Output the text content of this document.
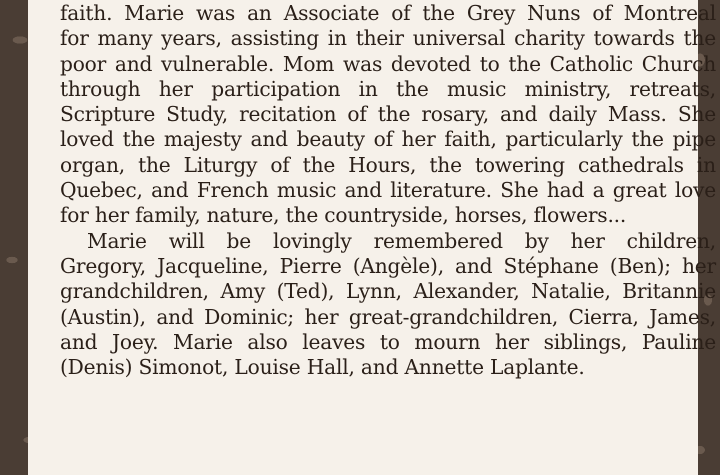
faith. Marie was an Associate of the Grey Nuns of Montreal
for many years, assisting in their universal charity towards the
poor and vulnerable. Mom was devoted to the Catholic Church
through her participation in the music ministry, retreats,
Scripture Study, recitation of the rosary, and daily Mass. She
loved the majesty and beauty of her faith, particularly the pipe
organ, the Liturgy of the Hours, the towering cathedrals in
Quebec, and French music and literature. She had a great love
for her family, nature, the countryside, horses, flowers...
Marie will be lovingly remembered by her children,
Gregory, Jacqueline, Pierre (Angèle), and Stéphane (Ben); her
grandchildren, Amy (Ted), Lynn, Alexander, Natalie, Britannie
(Austin), and Dominic; her great-grandchildren, Cierra, James,
and Joey. Marie also leaves to mourn her siblings, Pauline
(Denis) Simonot, Louise Hall, and Annette Laplante.
